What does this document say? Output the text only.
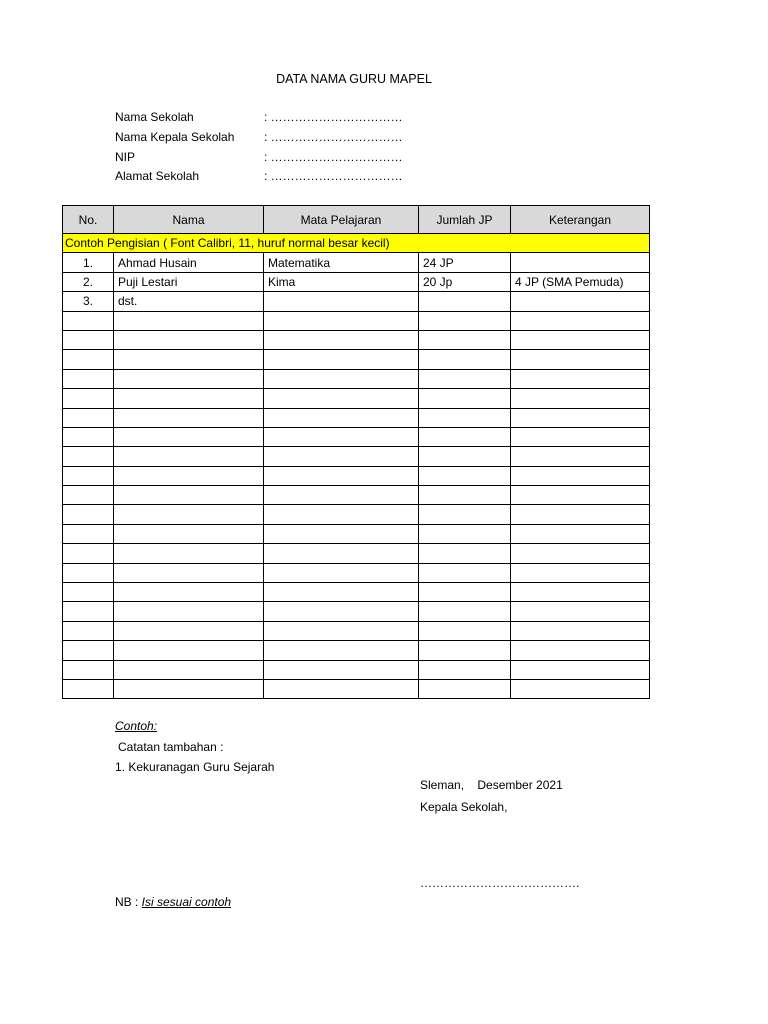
DATA NAMA GURU MAPEL
Nama Sekolah	: ……………………………
Nama Kepala Sekolah : ……………………………
NIP	: ……………………………
Alamat Sekolah	: ……………………………
No.	Nama	Mata Pelajaran	Jumlah JP	Keterangan
Contoh Pengisian ( Font Calibri, 11, huruf normal besar kecil)				
1.	Ahmad Husain	Matematika	24 JP	
2.	Puji Lestari	Kima	20 Jp	4 JP (SMA Pemuda)
3.	dst.			

Contoh:
Catatan tambahan :
1. Kekuranagan Guru Sejarah
Sleman,    Desember 2021
Kepala Sekolah,
………………………………….
NB : Isi sesuai contoh
